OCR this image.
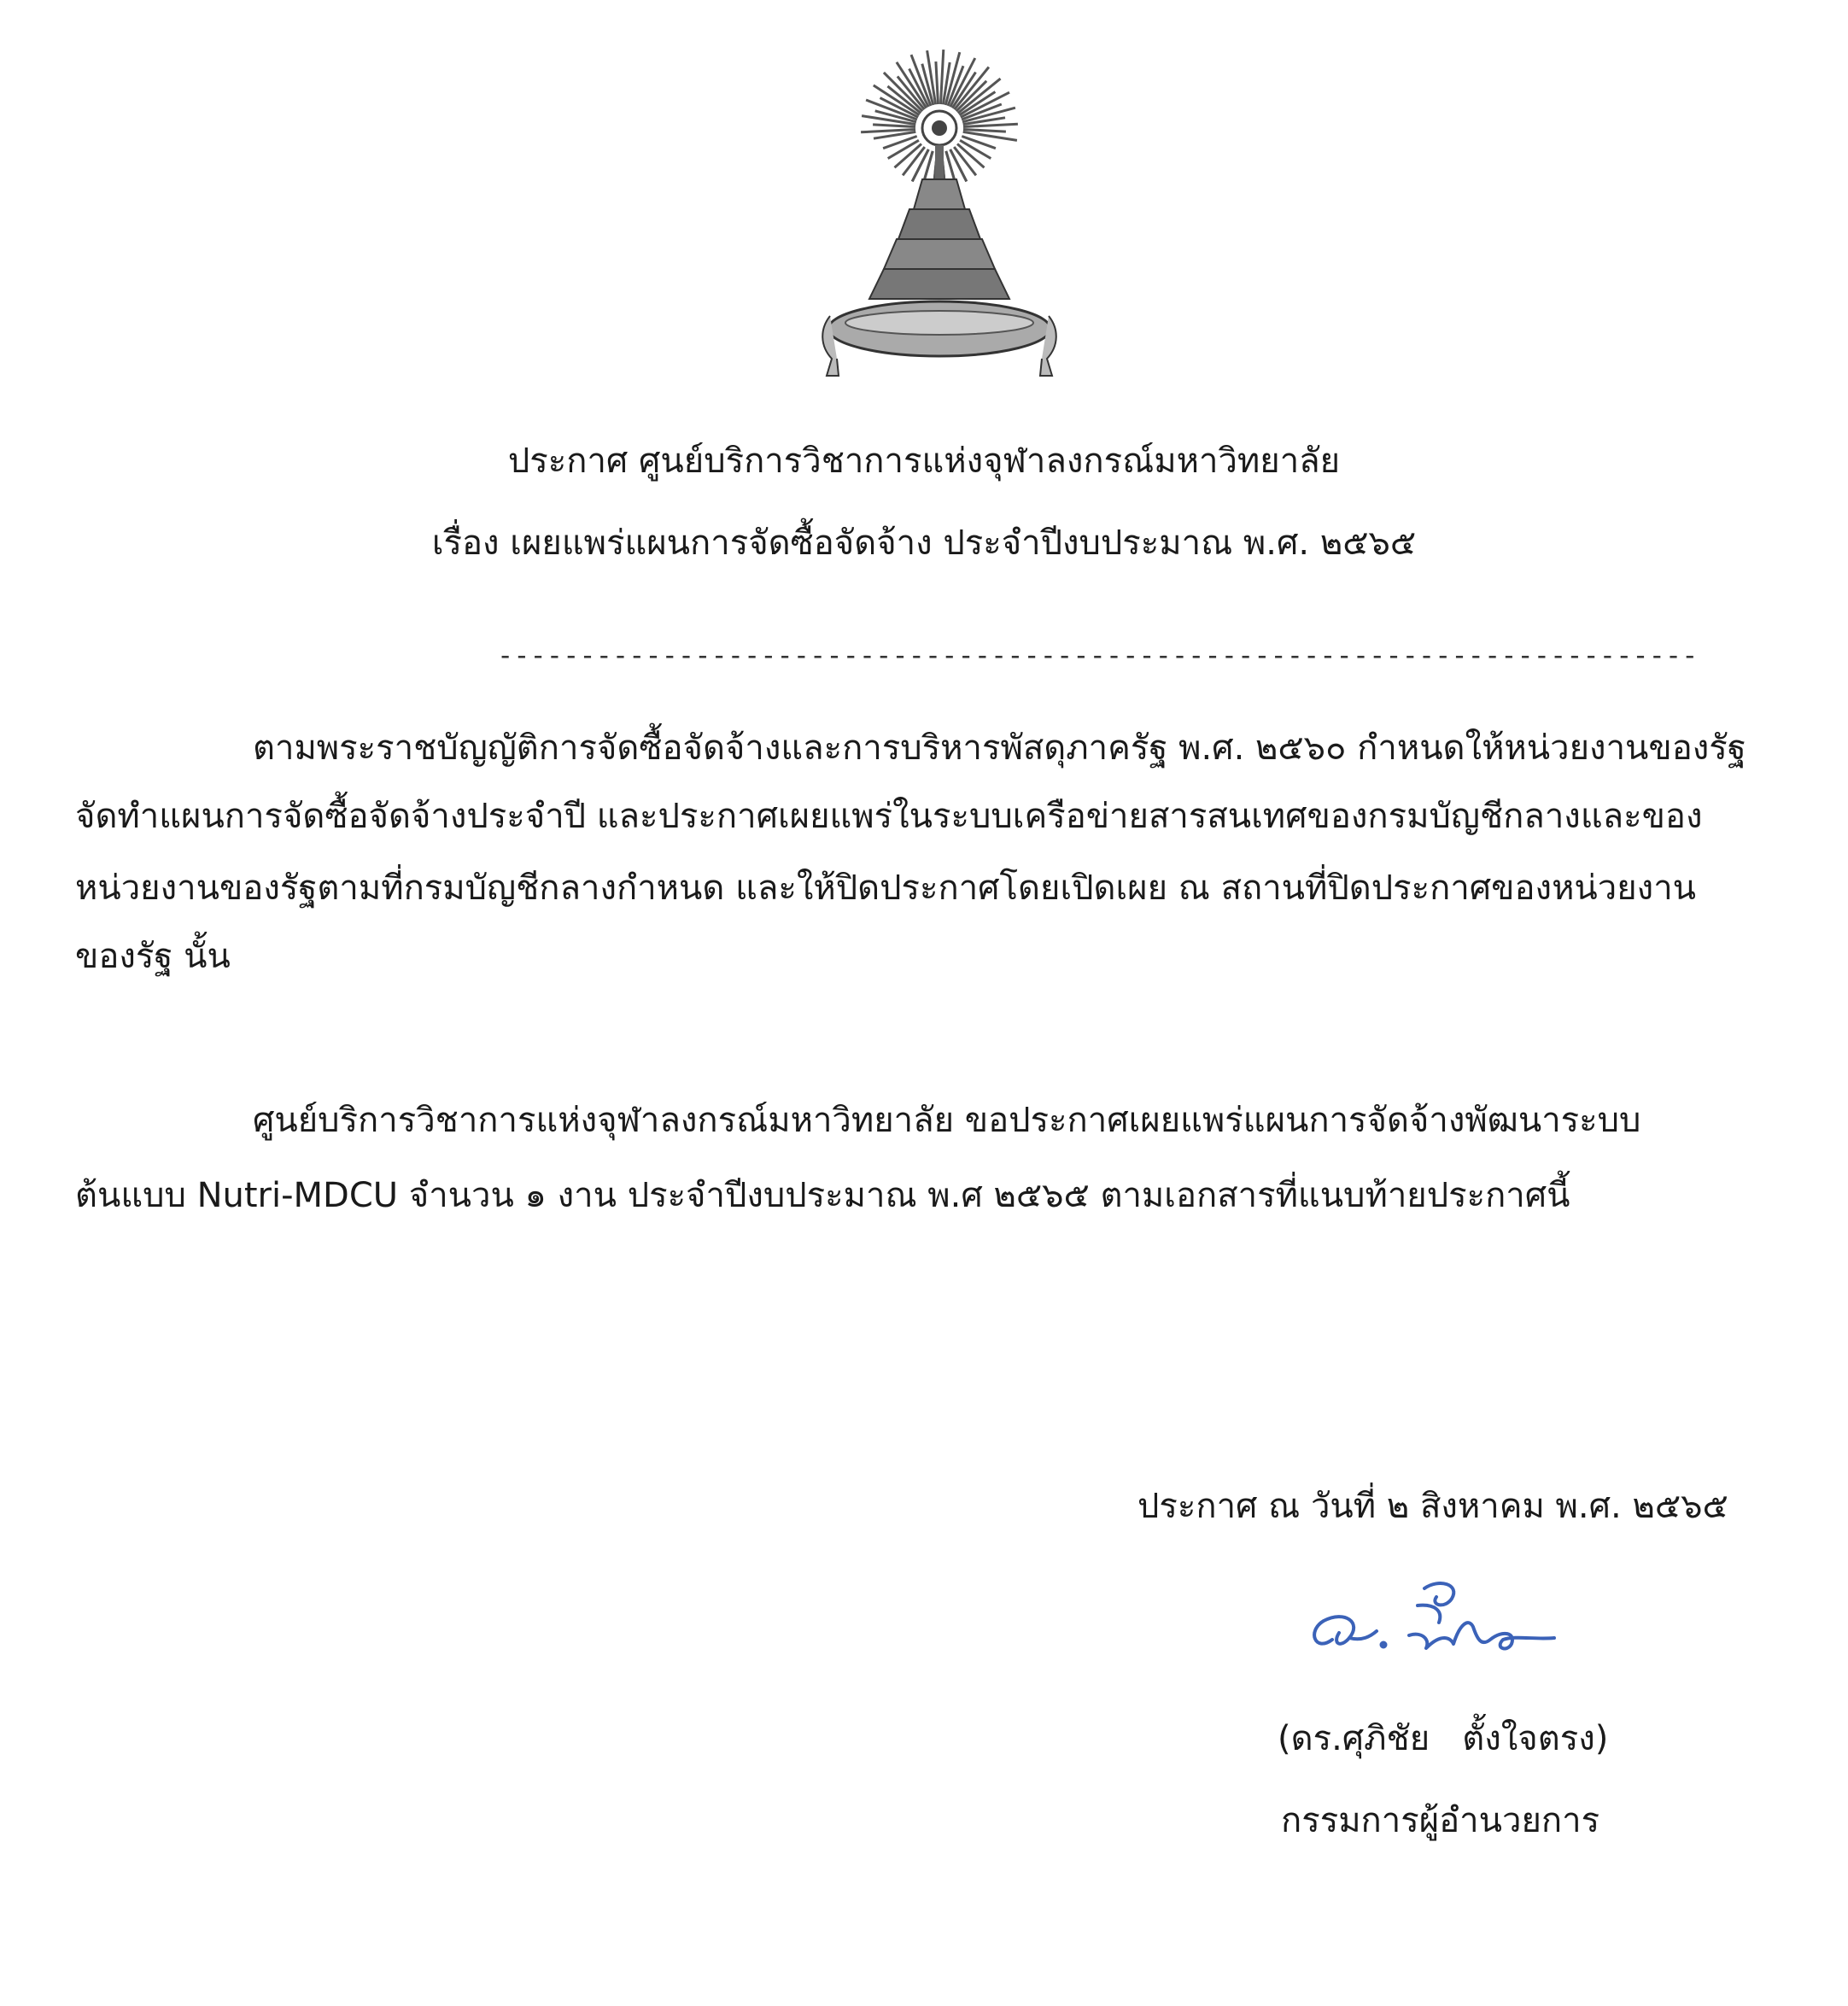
ประกาศ ศูนย์บริการวิชาการแห่งจุฬาลงกรณ์มหาวิทยาลัย
เรื่อง เผยแพร่แผนการจัดซื้อจัดจ้าง ประจำปีงบประมาณ พ.ศ. ๒๕๖๕
-------------------------------------------------------------------------
ตามพระราชบัญญัติการจัดซื้อจัดจ้างและการบริหารพัสดุภาครัฐ พ.ศ. ๒๕๖๐ กำหนดให้หน่วยงานของรัฐ
จัดทำแผนการจัดซื้อจัดจ้างประจำปี และประกาศเผยแพร่ในระบบเครือข่ายสารสนเทศของกรมบัญชีกลางและของ
หน่วยงานของรัฐตามที่กรมบัญชีกลางกำหนด และให้ปิดประกาศโดยเปิดเผย ณ สถานที่ปิดประกาศของหน่วยงาน
ของรัฐ นั้น
ศูนย์บริการวิชาการแห่งจุฬาลงกรณ์มหาวิทยาลัย ขอประกาศเผยแพร่แผนการจัดจ้างพัฒนาระบบ
ต้นแบบ Nutri-MDCU จำนวน ๑ งาน ประจำปีงบประมาณ พ.ศ ๒๕๖๕ ตามเอกสารที่แนบท้ายประกาศนี้
ประกาศ ณ วันที่ ๒ สิงหาคม พ.ศ. ๒๕๖๕
(ดร.ศุภิชัย   ตั้งใจตรง)
กรรมการผู้อำนวยการ
